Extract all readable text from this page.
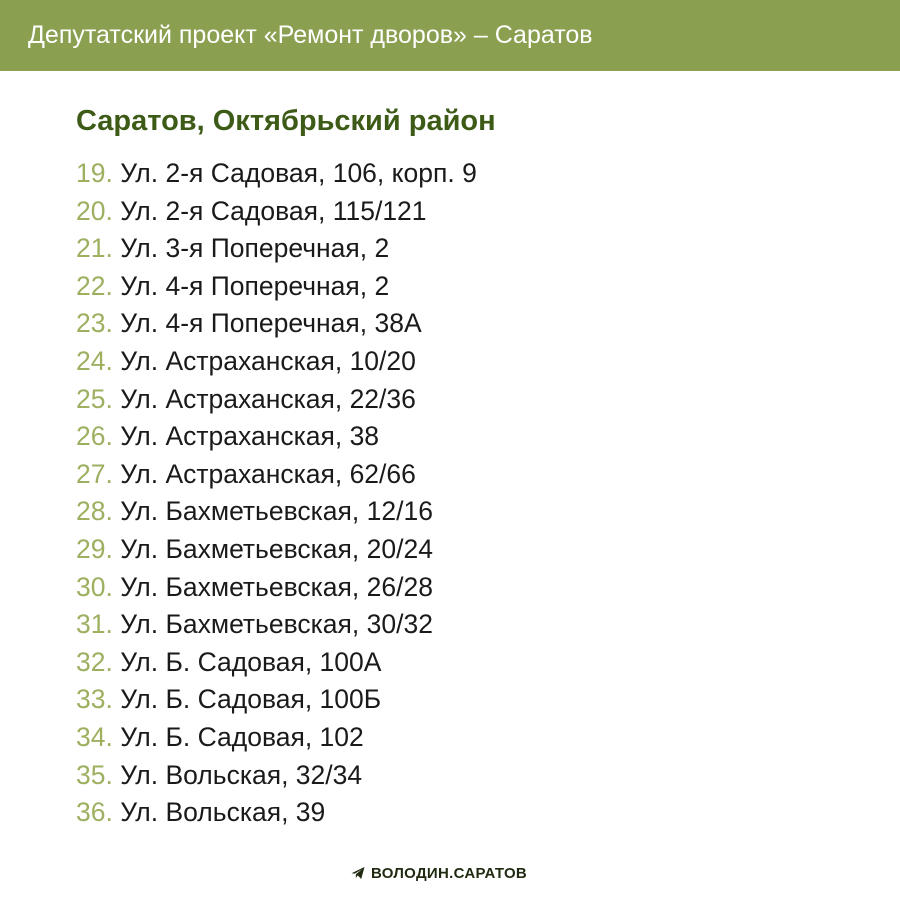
Депутатский проект «Ремонт дворов» – Саратов
Саратов, Октябрьский район
19. Ул. 2-я Садовая, 106, корп. 9
20. Ул. 2-я Садовая, 115/121
21. Ул. 3-я Поперечная, 2
22. Ул. 4-я Поперечная, 2
23. Ул. 4-я Поперечная, 38А
24. Ул. Астраханская, 10/20
25. Ул. Астраханская, 22/36
26. Ул. Астраханская, 38
27. Ул. Астраханская, 62/66
28. Ул. Бахметьевская, 12/16
29. Ул. Бахметьевская, 20/24
30. Ул. Бахметьевская, 26/28
31. Ул. Бахметьевская, 30/32
32. Ул. Б. Садовая, 100А
33. Ул. Б. Садовая, 100Б
34. Ул. Б. Садовая, 102
35. Ул. Вольская, 32/34
36. Ул. Вольская, 39
ВОЛОДИН.САРАТОВ
